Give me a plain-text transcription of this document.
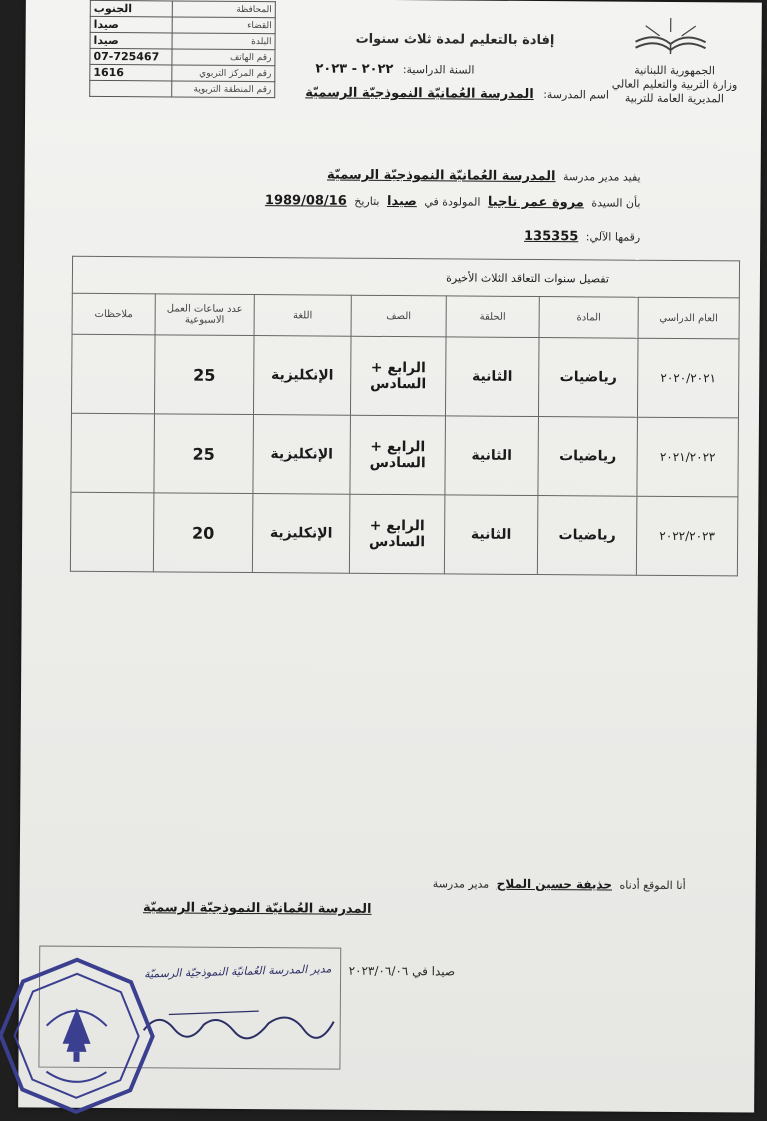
الجمهورية اللبنانية
وزارة التربية والتعليم العالي
المديرية العامة للتربية
إفادة بالتعليم لمدة ثلاث سنوات
السنة الدراسية: ٢٠٢٢ - ٢٠٢٣
اسم المدرسة: المدرسة العُمانيّة النموذجيّة الرسميّة
الجنوب	المحافظة
صيدا	القضاء
صيدا	البلدة
07-725467	رقم الهاتف
1616	رقم المركز التربوي
	رقم المنطقة التربوية
يفيد مدير مدرسة المدرسة العُمانيّة النموذجيّة الرسميّة
بأن السيدة مروة عمر ناجيا المولودة في صيدا بتاريخ 1989/08/16
رقمها الآلي: 135355
تفصيل سنوات التعاقد الثلاث الأخيرة						
العام الدراسي	المادة	الحلقة	الصف	اللغة	عدد ساعات العمل الاسبوعية	ملاحظات
٢٠٢٠/٢٠٢١	رياضيات	الثانية	الرابع + السادس	الإنكليزية	25	
٢٠٢١/٢٠٢٢	رياضيات	الثانية	الرابع + السادس	الإنكليزية	25	
٢٠٢٢/٢٠٢٣	رياضيات	الثانية	الرابع + السادس	الإنكليزية	20	
أنا الموقع أدناه حذيفة حسين الملاح مدير مدرسة
المدرسة العُمانيّة النموذجيّة الرسميّة
صيدا في ٢٠٢٣/٠٦/٠٦
مدير المدرسة العُمانيّة النموذجيّة الرسميّة
